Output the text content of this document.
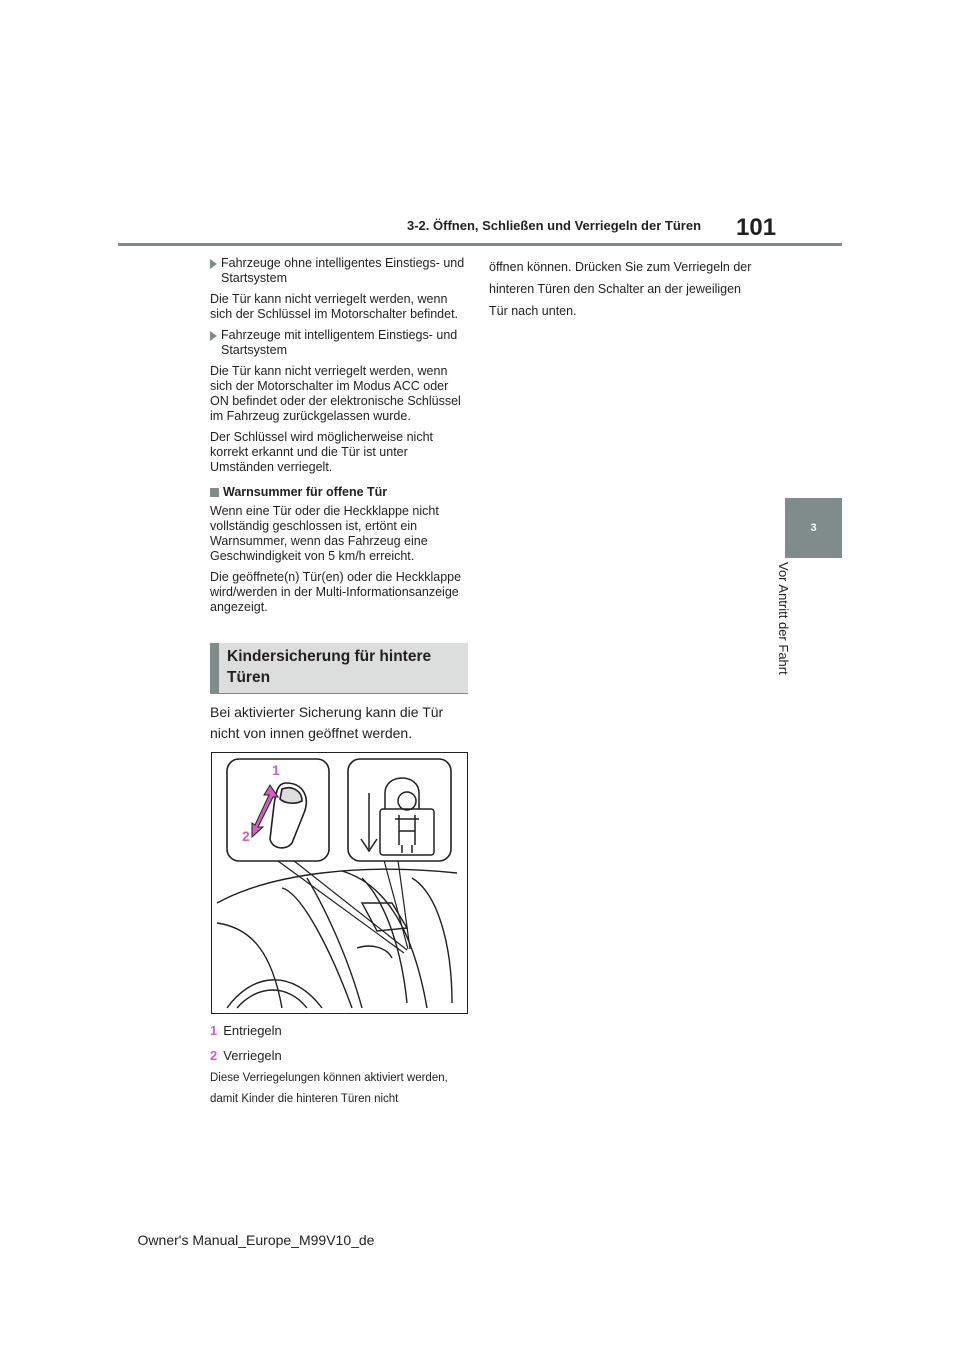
3-2. Öffnen, Schließen und Verriegeln der Türen 101
3
Vor Antritt der Fahrt
Fahrzeuge ohne intelligentes Einstiegs- und Startsystem

Die Tür kann nicht verriegelt werden, wenn sich der Schlüssel im Motorschalter befindet.

Fahrzeuge mit intelligentem Einstiegs- und Startsystem

Die Tür kann nicht verriegelt werden, wenn sich der Motorschalter im Modus ACC oder ON befindet oder der elektronische Schlüssel im Fahrzeug zurückgelassen wurde.

Der Schlüssel wird möglicherweise nicht korrekt erkannt und die Tür ist unter Umständen verriegelt.

Warnsummer für offene Tür

Wenn eine Tür oder die Heckklappe nicht vollständig geschlossen ist, ertönt ein Warnsummer, wenn das Fahrzeug eine Geschwindigkeit von 5 km/h erreicht.

Die geöffnete(n) Tür(en) oder die Heckklappe wird/werden in der Multi-Informationsanzeige angezeigt.

Kindersicherung für hintere Türen
Bei aktivierter Sicherung kann die Tür nicht von innen geöffnet werden.
1
2
1 Entriegeln
2 Verriegeln
Diese Verriegelungen können aktiviert werden, damit Kinder die hinteren Türen nicht
öffnen können. Drücken Sie zum Verriegeln der hinteren Türen den Schalter an der jeweiligen Tür nach unten.
Owner's Manual_Europe_M99V10_de
